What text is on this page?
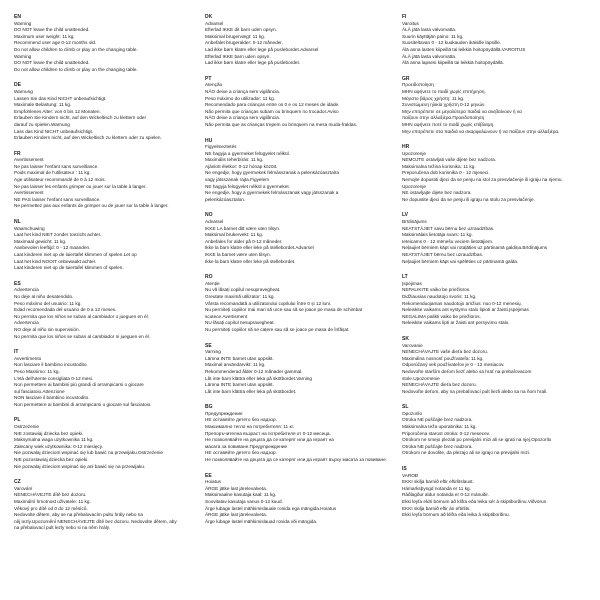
EN
Warning
DO NOT leave the child unattended.
Maximum user weight: 11 kg.
Recommend user age 0-12 months old.
Do not allow children to climb or play on the changing table.
Warning
DO NOT leave the child unattended.
Do not allow children to climb or play on the changing table.
DE
Warnung
Lassen Sie das Kind NICHT unbeaufsichtigt.
Maximale Belastung: 11 kg.
Empfohlenes Alter: von 0 bis 12 Monaten.
Erlauben Sie Kindern nicht, auf den Wickeltisch zu klettern oder
darauf zu spielen.Warnung
Lass das Kind NICHT unbeaufsichtigt.
Erlauben Kindern nicht, auf den Wickeltisch zu klettern oder zu spielen.
FR
Avertissement
Ne pas laisser l'enfant sans surveillance.
Poids maximal de l'utilisateur : 11 kg.
Age utilisateur recommandé de 0 à 12 mois.
Ne pas laisser les enfants grimper ou jouer sur la table à langer.
Avertissement
NE PAS laisser l'enfant sans surveillance.
Ne permettez pas aux enfants de grimper ou de jouer sur la table à langer.
NL
Waarschuwing
Laat het kind NIET zonder toezicht achter.
Maximaal gewicht: 11 kg.
Aanbevolen leeftijd: 0 - 12 maanden.
Laat kinderen niet op de luiertafel klimmen of spelen.Let op
Laat het kind NOOIT onbewaakt achter.
Laat kinderen niet op de luiertafel klimmen of spelen.
ES
Advertencia
No deje al niño desatendido.
Peso máximo del usuario: 11 kg.
Edad recomendada del usuario de 0 a 12 meses.
No permita que los niños se suban al cambiador o jueguen en él.
Advertencia
NO deje al niño sin supervisión.
No permita que los niños se suban al cambiador ni jueguen en él.
IT
Avvertimento
Non lasciare il bambino incustodito.
Peso Massimo: 11 kg.
L'età dell'utente consigliata 0-12 mesi.
Non permettere ai bambini più grandi di arrampicarsi o giocare
sul fasciatoio.Attenzione
NON lasciare il bambino incustodito.
Non permettere ai bambini di arrampicarsi o giocare sul fasciatoio.
PL
Ostrzeżenie
NIE zostawiaj dziecka bez opieki.
Maksymalna waga użytkownika 11 kg.
Zalecany wiek użytkownika: 0-12 miesięcy.
Nie pozwalaj dzieciom wspinać się lub bawić na przewijaku.Ostrzeżenie
NIE pozostawiaj dziecka bez opieki.
Nie pozwalaj dzieciom wspinać się ani bawić się na przewijaku.
CZ
Varování
NENECHÁVEJTE dítě bez dozoru.
Maximální hmotnost uživatele: 11 kg.
Věkový pro dítě od 0 do 12 měsíců.
Nedovolte dětem, aby se na přebalovacím pultu hrály nebo na
něj lezly.Upozornění NENECHÁVEJTE dítě bez dozoru. Nedovolte dětem, aby
na přebalovací pult lezly nebo si na něm hrály.
DK
Advarsel
Efterlad IKKE dit barn uden opsyn.
Maksimal brugervægt: 11 kg.
Anbefalet brugeralder: 0-12 måneder.
Lad ikke børn klatre eller lege på puslebordet.Advarsel
Efterlad IKKE barn uden opsyn.
Lad ikke børn klatre eller lege på puslebordet.
PT
Atenção
NÃO deixe a criança sem vigilância.
Peso máximo do utilizador: 11 kg.
Recomendado para crianças entre os 0 e os 12 meses de idade.
Não permita que crianças subam ou brinquem no trocador.Aviso
NÃO deixe a criança sem vigilância.
Não permita que as crianças trepem ou brinquem na mesa muda-fraldas.
HU
Figyelmeztetés
NE hagyja a gyermeket felügyelet nélkül.
Maximális teherbírás: 11 kg.
Ajánlott életkor: 0-12 hónap között.
Ne engedje, hogy gyermekek felmásszanak a pelenkázóasztalra
vagy játsszanak rajta.Figyelem
NE hagyja felügyelet nélkül a gyermeket.
Ne engedje, hogy a gyermekek felmásszanak vagy játsszanak a
pelenkázóasztalon.
NO
Advarsel
IKKE LA barnet ditt være uten tilsyn.
Maksimal brukervekt: 11 kg.
Anbefales for alder på 0-12 måneder.
Ikke la barn klatre eller leke på stellebordet.Advarsel
IKKE la barnet være uten tilsyn.
Ikke la barn klatre eller leke på stellebordet.
RO
Atenție
Nu vă lăsați copilul nesupravegheat.
Greutate maximă utilizator: 11 kg.
Vârsta recomandată a utilizatorului copilului între 0 și 12 luni.
Nu permiteți copiilor mai mari să urce sau să se joace pe masa de schimbat
scutece.Avertisment
NU lăsați copilul nesupravegheat.
Nu permiteți copiilor să se cațere sau să se joace pe masa de înfășat.
SE
Varning
Lämna INTE barnet utan uppsikt.
Maximal användarvikt: 11 kg.
Rekommenderad ålder 0-12 månader gammal.
Låt inte barn klättra eller leka på skötbordet.Varning
Lämna INTE barnet utan uppsikt.
Låt inte barn klättra eller leka på skötbordet.
BG
Предупреждение
НЕ оставяйте детето без надзор.
Максимално тегло на потребителя: 11 кг.
Препоръчителна възраст на потребителя от 0-12 месеца.
Не позволявайте на децата да се катерят или да играят на
масата за повиване.Предупреждение
НЕ оставяйте детето без надзор.
Не позволявайте на децата да се катерят или да играят върху масата за повиване.
EE
Hoiatus
ÄRGE jätke last järelevalveta.
Maksimaalne kasutaja kaal: 11 kg.
Soovitatav kasutaja vanus 0-12 kuud.
Ärge lubage lastel mähkimislauale ronida ega mängida.Hoiatus
ÄRGE jätke last järelevalveta.
Ärge lubage lastel mähkimislauad ronida või mängida.
FI
Varoitus
ÄLÄ jätä lasta valvomatta.
Suurin käyttäjän paino: 11 kg.
Suositeltavan 0 - 12 kuukauden ikäisille lapsille.
Älä anna lasten kiipeillä tai leikkiä hoitopöydällä.VAROITUS
ÄLÄ jätä lasta valvomatta.
Älä anna lapsesi kiipeillä tai leikkiä hoitopöydällä.
GR
Προειδοποίηση
ΜΗΝ αφήνετε το παιδί χωρίς επιτήρηση.
Μέγιστο βάρος χρήστη: 11 kg.
Συνιστώμενη ηλικία χρήστη 0-12 μηνών.
Μην επιτρέπετε σε μεγαλύτερα παιδιά να ανεβαίνουν ή να
παίζουν στην αλλαξιέρα.Προειδοποίηση
ΜΗΝ αφήνετε ποτέ το παιδί χωρίς επίβλεψη.
Μην επιτρέπετε στα παιδιά να σκαρφαλώνουν ή να παίζουν στην αλλαξιέρα.
HR
Upozorenje
NEMOJTE ostavljati vaše dijete bez nadzora.
Maksimalna težina korisnika: 11 kg.
Preporučena dob korisnika 0 - 12 mjeseci.
Nemojte dopustiti djeci da se penju na stol za presvlačenje ili igraju na njemu.
Upozorenje
NE ostavljajte dijete bez nadzora.
Ne dopustite djeci da se penju ili igraju na stolu za presvlačenje.
LV
Brīdinājums
NEATSTĀJIET savu bērnu bez uzraudzības.
Maksimālais lietotāja svars: 11 kg.
Ieteicams 0 - 12 mēnešu veciem lietotājiem.
Neļaujiet bērniem kāpt vai rotaļāties uz pārtinamā galdiņa.Brīdinājums
NEATSTĀJIET bērnu bez uzraudzības.
Neļaujiet bērniem kāpt vai spēlēties uz pārtinamā galda.
LT
Įspėjimas
NEPALIKITE vaiko be priežiūros.
Didžiausias naudotojo svoris: 11 kg.
Rekomenduojamas naudotojo amžius: nuo 0-12 mėnesių.
Neleiskite vaikams ant vystymo stalo lipioti ar žaisti.Įspėjimas
NEGALIMA palikti vaiko be priežiūros.
Neleiskite vaikams lipti ar žaisti ant persyvimo stalo.
SK
Varovanie
NENECHÁVAJTE vaše dieťa bez dozoru.
Maximálna nosnosť používateľa: 11 kg.
Odporúčaný vek používateľov je 0 - 12 mesiacov.
Nedovoľte starším deťom liezť alebo sa hrať na prebaľovacom
stole.Upozornenie
NENECHÁVAJTE dieťa bez dozoru.
Nedovoľte deťom, aby na prebaľovací pult liezli alebo sa na ňom hrali.
SL
Opozorilo
Otroka NE puščajte brez nadzora.
Maksimalna teža uporabnika: 11 kg.
Priporočena starost otroka: 0-12 mesecev.
Otrokom ne smejo plezati po previjalni mizi ali se igrati na njej.Opozorilo
Otroka NE puščajte brez nadzora.
Otrokom ne dovolite, da plezajo ali se igrajo na previjalni mizi.
IS
VAROĐ
EKKI skilja barnið eftir eftirlitslaust.
Hámarksþyngd notanda er 11 kg.
Ráðlagður aldur notanda er 0-12 mánuðir.
Ekki leyfa eldri börnum að klifra eða leika sér á skiptiborðinu.Viðvörun
EKKI skilja barnið eftir án eftirlits.
Ekki leyfa börnum að klifra eða leika á skiptiborðinu.
